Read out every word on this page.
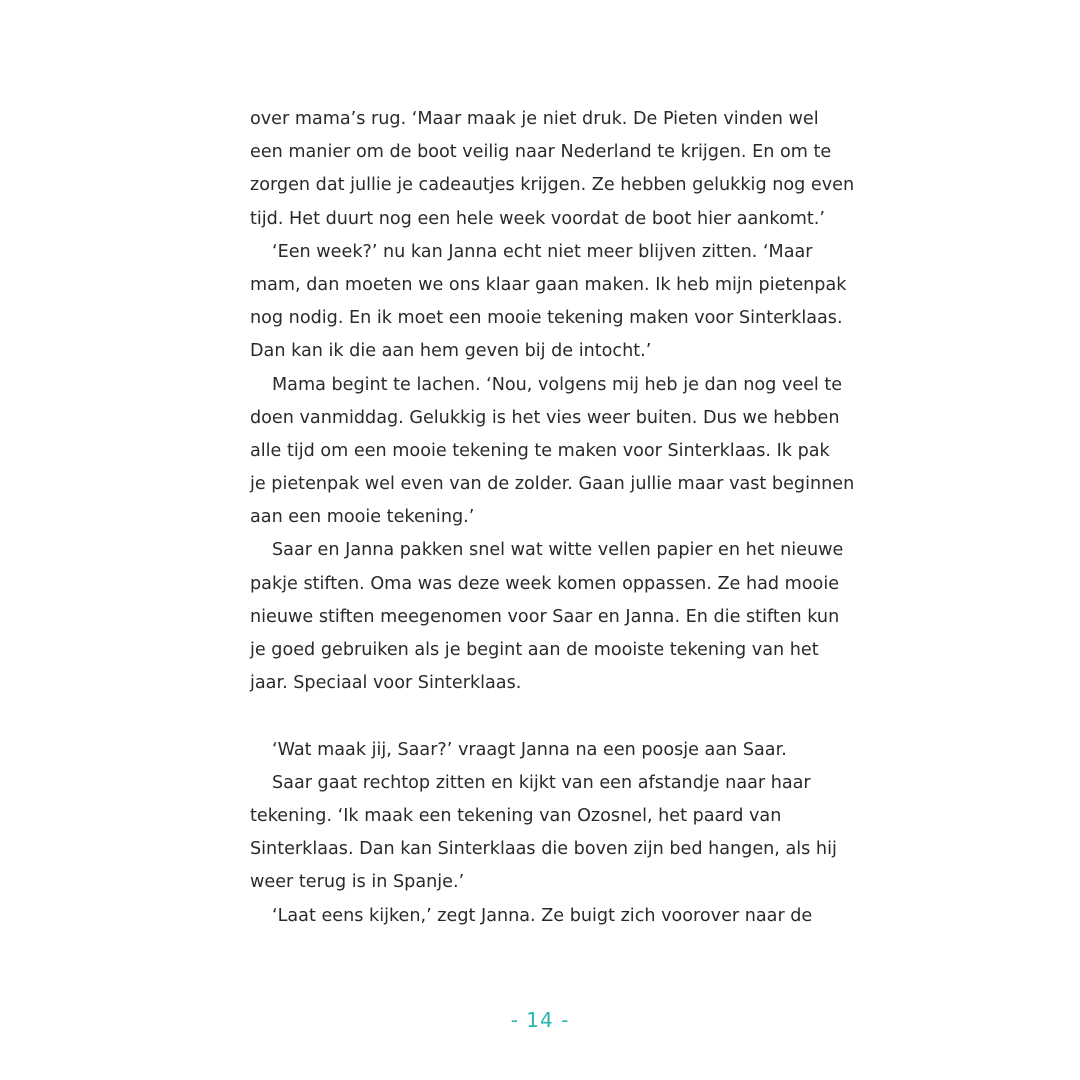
over mama’s rug. ‘Maar maak je niet druk. De Pieten vinden wel
een manier om de boot veilig naar Nederland te krijgen. En om te
zorgen dat jullie je cadeautjes krijgen. Ze hebben gelukkig nog even
tijd. Het duurt nog een hele week voordat de boot hier aankomt.’
‘Een week?’ nu kan Janna echt niet meer blijven zitten. ‘Maar
mam, dan moeten we ons klaar gaan maken. Ik heb mijn pietenpak
nog nodig. En ik moet een mooie tekening maken voor Sinterklaas.
Dan kan ik die aan hem geven bij de intocht.’
Mama begint te lachen. ‘Nou, volgens mij heb je dan nog veel te
doen vanmiddag. Gelukkig is het vies weer buiten. Dus we hebben
alle tijd om een mooie tekening te maken voor Sinterklaas. Ik pak
je pietenpak wel even van de zolder. Gaan jullie maar vast beginnen
aan een mooie tekening.’
Saar en Janna pakken snel wat witte vellen papier en het nieuwe
pakje stiften. Oma was deze week komen oppassen. Ze had mooie
nieuwe stiften meegenomen voor Saar en Janna. En die stiften kun
je goed gebruiken als je begint aan de mooiste tekening van het
jaar. Speciaal voor Sinterklaas.
‘Wat maak jij, Saar?’ vraagt Janna na een poosje aan Saar.
Saar gaat rechtop zitten en kijkt van een afstandje naar haar
tekening. ‘Ik maak een tekening van Ozosnel, het paard van
Sinterklaas. Dan kan Sinterklaas die boven zijn bed hangen, als hij
weer terug is in Spanje.’
‘Laat eens kijken,’ zegt Janna. Ze buigt zich voorover naar de
- 14 -
